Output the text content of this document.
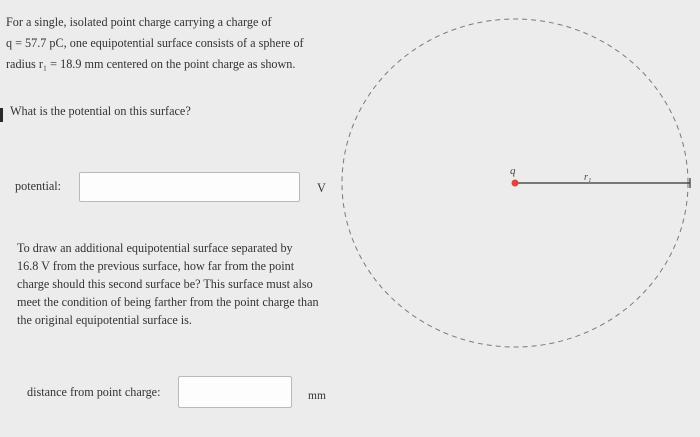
For a single, isolated point charge carrying a charge of
q = 57.7 pC, one equipotential surface consists of a sphere of
radius r₁ = 18.9 mm centered on the point charge as shown.
What is the potential on this surface?
potential:	V
To draw an additional equipotential surface separated by
16.8 V from the previous surface, how far from the point
charge should this second surface be? This surface must also
meet the condition of being farther from the point charge than
the original equipotential surface is.
distance from point charge:	mm
q
r₁
